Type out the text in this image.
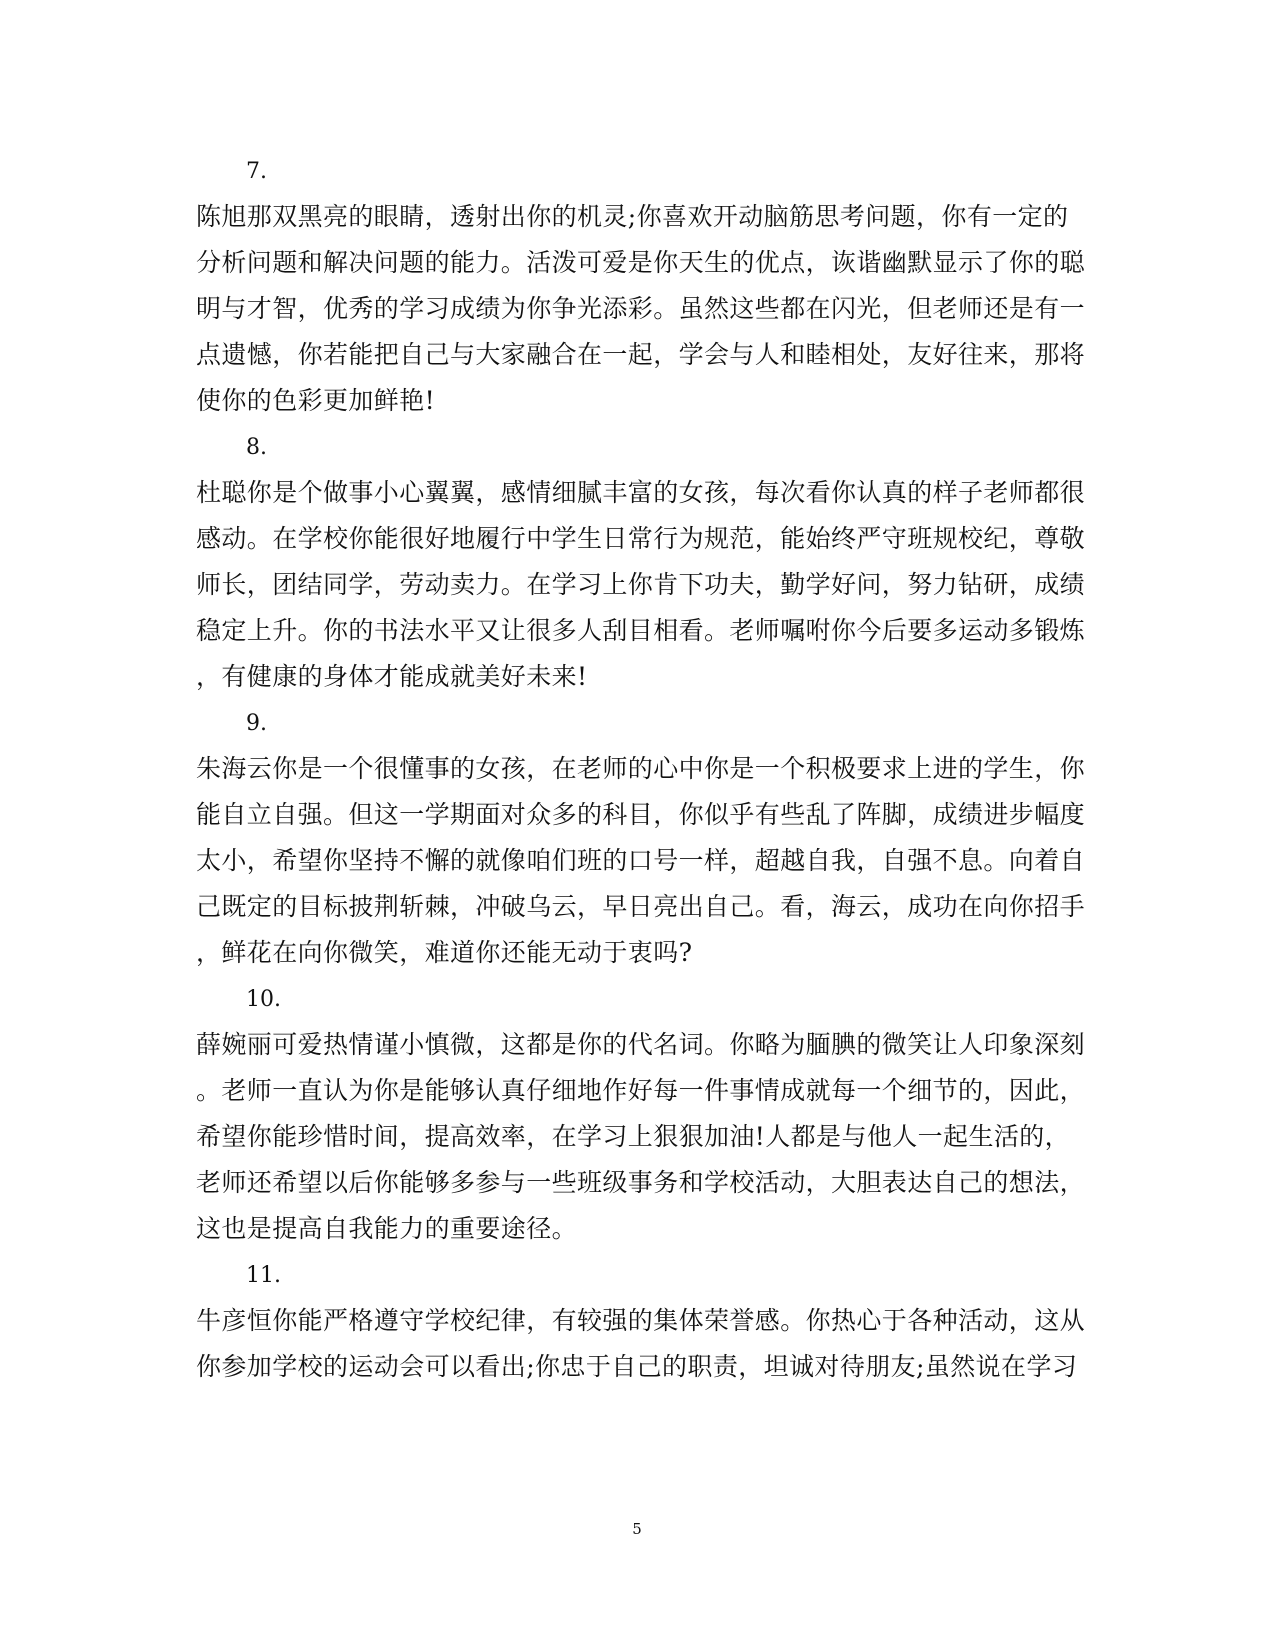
7.
陈旭那双黑亮的眼睛，透射出你的机灵;你喜欢开动脑筋思考问题，你有一定的
分析问题和解决问题的能力。活泼可爱是你天生的优点，诙谐幽默显示了你的聪
明与才智，优秀的学习成绩为你争光添彩。虽然这些都在闪光，但老师还是有一
点遗憾，你若能把自己与大家融合在一起，学会与人和睦相处，友好往来，那将
使你的色彩更加鲜艳!
8.
杜聪你是个做事小心翼翼，感情细腻丰富的女孩，每次看你认真的样子老师都很
感动。在学校你能很好地履行中学生日常行为规范，能始终严守班规校纪，尊敬
师长，团结同学，劳动卖力。在学习上你肯下功夫，勤学好问，努力钻研，成绩
稳定上升。你的书法水平又让很多人刮目相看。老师嘱咐你今后要多运动多锻炼
，有健康的身体才能成就美好未来!
9.
朱海云你是一个很懂事的女孩，在老师的心中你是一个积极要求上进的学生，你
能自立自强。但这一学期面对众多的科目，你似乎有些乱了阵脚，成绩进步幅度
太小，希望你坚持不懈的就像咱们班的口号一样，超越自我，自强不息。向着自
己既定的目标披荆斩棘，冲破乌云，早日亮出自己。看，海云，成功在向你招手
，鲜花在向你微笑，难道你还能无动于衷吗?
10.
薛婉丽可爱热情谨小慎微，这都是你的代名词。你略为腼腆的微笑让人印象深刻
。老师一直认为你是能够认真仔细地作好每一件事情成就每一个细节的，因此，
希望你能珍惜时间，提高效率，在学习上狠狠加油!人都是与他人一起生活的，
老师还希望以后你能够多参与一些班级事务和学校活动，大胆表达自己的想法，
这也是提高自我能力的重要途径。
11.
牛彦恒你能严格遵守学校纪律，有较强的集体荣誉感。你热心于各种活动，这从
你参加学校的运动会可以看出;你忠于自己的职责，坦诚对待朋友;虽然说在学习
5
